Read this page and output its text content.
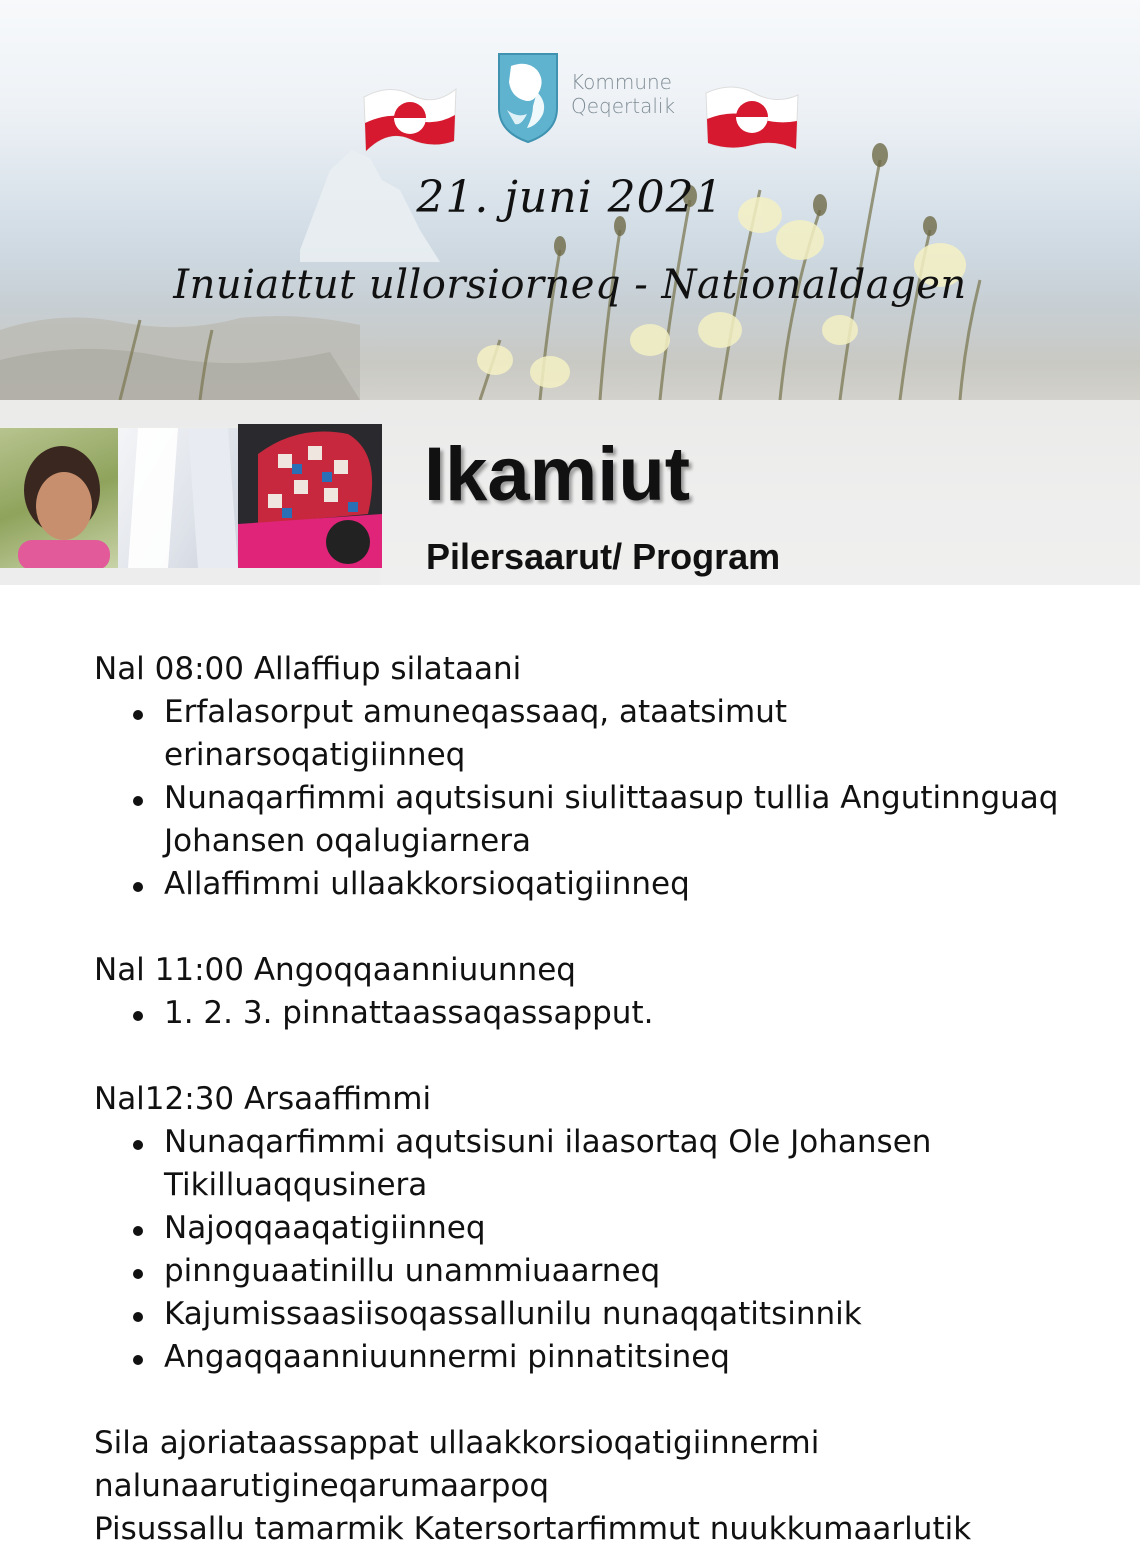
Kommune
Qeqertalik
21. juni 2021
Inuiattut ullorsiorneq - Nationaldagen
Ikamiut
Pilersaarut/ Program
Nal 08:00 Allaffiup silataani
Erfalasorput amuneqassaaq, ataatsimut erinarsoqatigiinneq
Nunaqarfimmi aqutsisuni siulittaasup tullia Angutinnguaq Johansen oqalugiarnera
Allaffimmi ullaakkorsioqatigiinneq
Nal 11:00 Angoqqaanniuunneq
1. 2. 3. pinnattaassaqassapput.
Nal12:30 Arsaaffimmi
Nunaqarfimmi aqutsisuni ilaasortaq Ole Johansen Tikilluaqqusinera
Najoqqaaqatigiinneq
pinnguaatinillu unammiuaarneq
Kajumissaasiisoqassallunilu nunaqqatitsinnik
Angaqqaanniuunnermi pinnatitsineq
Sila ajoriataassappat ullaakkorsioqatigiinnermi
nalunaarutigineqarumaarpoq
Pisussallu tamarmik Katersortarfimmut nuukkumaarlutik
